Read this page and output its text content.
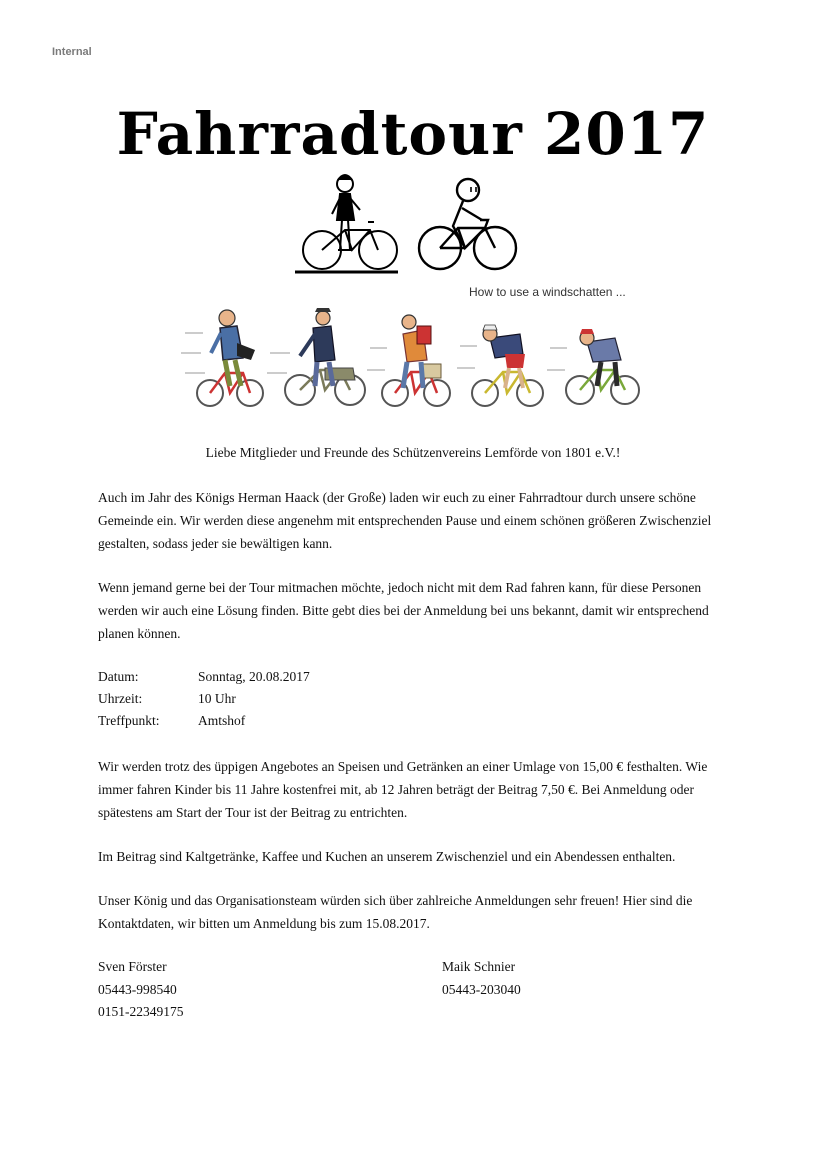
Internal
Fahrradtour 2017
How to use a windschatten ...
Liebe Mitglieder und Freunde des Schützenvereins Lemförde von 1801 e.V.!

Auch im Jahr des Königs Herman Haack (der Große) laden wir euch zu einer Fahrradtour durch unsere schöne Gemeinde ein. Wir werden diese angenehm mit entsprechenden Pause und einem schönen größeren Zwischenziel gestalten, sodass jeder sie bewältigen kann.

Wenn jemand gerne bei der Tour mitmachen möchte, jedoch nicht mit dem Rad fahren kann, für diese Personen werden wir auch eine Lösung finden. Bitte gebt dies bei der Anmeldung bei uns bekannt, damit wir entsprechend planen können.

Datum:	Sonntag, 20.08.2017
Uhrzeit:	10 Uhr
Treffpunkt:	Amtshof

Wir werden trotz des üppigen Angebotes an Speisen und Getränken an einer Umlage von 15,00 € festhalten. Wie immer fahren Kinder bis 11 Jahre kostenfrei mit, ab 12 Jahren beträgt der Beitrag 7,50 €. Bei Anmeldung oder spätestens am Start der Tour ist der Beitrag zu entrichten.

Im Beitrag sind Kaltgetränke, Kaffee und Kuchen an unserem Zwischenziel und ein Abendessen enthalten.

Unser König und das Organisationsteam würden sich über zahlreiche Anmeldungen sehr freuen! Hier sind die Kontaktdaten, wir bitten um Anmeldung bis zum 15.08.2017.

Sven Förster
05443-998540
0151-22349175
Maik Schnier
05443-203040
